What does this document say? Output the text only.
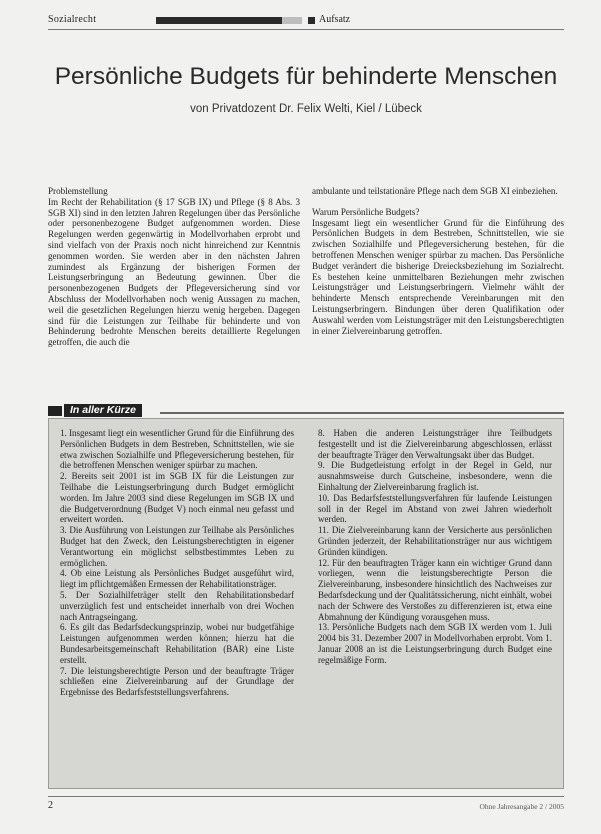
Sozialrecht	Aufsatz
Persönliche Budgets für behinderte Menschen
von Privatdozent Dr. Felix Welti, Kiel / Lübeck

Problemstellung

Im Recht der Rehabilitation (§ 17 SGB IX) und Pflege (§ 8 Abs. 3 SGB XI) sind in den letzten Jahren Regelungen über das Persönliche oder personenbezogene Budget aufgenommen worden. Diese Regelungen werden gegenwärtig in Modellvorhaben erprobt und sind vielfach von der Praxis noch nicht hinreichend zur Kenntnis genommen worden. Sie werden aber in den nächsten Jahren zumindest als Ergänzung der bisherigen Formen der Leistungserbringung an Bedeutung gewinnen. Über die personenbezogenen Budgets der Pflegeversicherung sind vor Abschluss der Modellvorhaben noch wenig Aussagen zu machen, weil die gesetzlichen Regelungen hierzu wenig hergeben. Dagegen sind für die Leistungen zur Teilhabe für behinderte und von Behinderung bedrohte Menschen bereits detaillierte Regelungen getroffen, die auch die

ambulante und teilstationäre Pflege nach dem SGB XI einbeziehen.

Warum Persönliche Budgets?

Insgesamt liegt ein wesentlicher Grund für die Einführung des Persönlichen Budgets in dem Bestreben, Schnittstellen, wie sie zwischen Sozialhilfe und Pflegeversicherung bestehen, für die betroffenen Menschen weniger spürbar zu machen. Das Persönliche Budget verändert die bisherige Dreiecksbeziehung im Sozialrecht. Es bestehen keine unmittelbaren Beziehungen mehr zwischen Leistungsträger und Leistungserbringern. Vielmehr wählt der behinderte Mensch entsprechende Vereinbarungen mit den Leistungserbringern. Bindungen über deren Qualifikation oder Auswahl werden vom Leistungsträger mit den Leistungsberechtigten in einer Zielvereinbarung getroffen.

In aller Kürze

1. Insgesamt liegt ein wesentlicher Grund für die Einführung des Persönlichen Budgets in dem Bestreben, Schnittstellen, wie sie etwa zwischen Sozialhilfe und Pflegeversicherung bestehen, für die betroffenen Menschen weniger spürbar zu machen.

2. Bereits seit 2001 ist im SGB IX für die Leistungen zur Teilhabe die Leistungserbringung durch Budget ermöglicht worden. Im Jahre 2003 sind diese Regelungen im SGB IX und die Budgetverordnung (Budget V) noch einmal neu gefasst und erweitert worden.

3. Die Ausführung von Leistungen zur Teilhabe als Persönliches Budget hat den Zweck, den Leistungsberechtigten in eigener Verantwortung ein möglichst selbstbestimmtes Leben zu ermöglichen.

4. Ob eine Leistung als Persönliches Budget ausgeführt wird, liegt im pflichtgemäßen Ermessen der Rehabilitationsträger.

5. Der Sozialhilfeträger stellt den Rehabilitationsbedarf unverzüglich fest und entscheidet innerhalb von drei Wochen nach Antragseingang.

6. Es gilt das Bedarfsdeckungsprinzip, wobei nur budgetfähige Leistungen aufgenommen werden können; hierzu hat die Bundesarbeitsgemeinschaft Rehabilitation (BAR) eine Liste erstellt.

7. Die leistungsberechtigte Person und der beauftragte Träger schließen eine Zielvereinbarung auf der Grundlage der Ergebnisse des Bedarfsfeststellungsverfahrens.

8. Haben die anderen Leistungsträger ihre Teilbudgets festgestellt und ist die Zielvereinbarung abgeschlossen, erlässt der beauftragte Träger den Verwaltungsakt über das Budget.

9. Die Budgetleistung erfolgt in der Regel in Geld, nur ausnahmsweise durch Gutscheine, insbesondere, wenn die Einhaltung der Zielvereinbarung fraglich ist.

10. Das Bedarfsfeststellungsverfahren für laufende Leistungen soll in der Regel im Abstand von zwei Jahren wiederholt werden.

11. Die Zielvereinbarung kann der Versicherte aus persönlichen Gründen jederzeit, der Rehabilitationsträger nur aus wichtigem Gründen kündigen.

12. Für den beauftragten Träger kann ein wichtiger Grund dann vorliegen, wenn die leistungsberechtigte Person die Zielvereinbarung, insbesondere hinsichtlich des Nachweises zur Bedarfsdeckung und der Qualitätssicherung, nicht einhält, wobei nach der Schwere des Verstoßes zu differenzieren ist, etwa eine Abmahnung der Kündigung vorausgehen muss.

13. Persönliche Budgets nach dem SGB IX werden vom 1. Juli 2004 bis 31. Dezember 2007 in Modellvorhaben erprobt. Vom 1. Januar 2008 an ist die Leistungserbringung durch Budget eine regelmäßige Form.

2	Ohne Jahresangabe 2 / 2005
